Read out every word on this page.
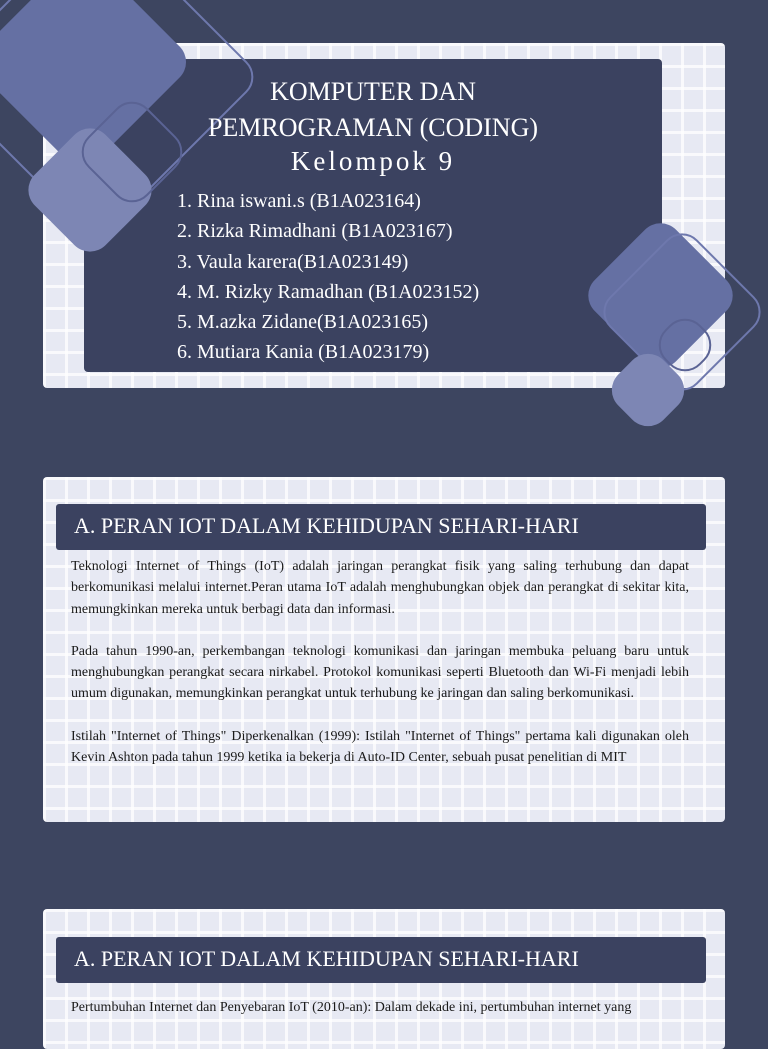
KOMPUTER DAN
PEMROGRAMAN (CODING)
Kelompok 9
1. Rina iswani.s (B1A023164)
2. Rizka Rimadhani (B1A023167)
3. Vaula karera(B1A023149)
4. M. Rizky Ramadhan (B1A023152)
5. M.azka Zidane(B1A023165)
6. Mutiara Kania (B1A023179)
A. PERAN IOT DALAM KEHIDUPAN SEHARI-HARI

Teknologi Internet of Things (IoT) adalah jaringan perangkat fisik yang saling terhubung dan dapat berkomunikasi melalui internet.Peran utama IoT adalah menghubungkan objek dan perangkat di sekitar kita, memungkinkan mereka untuk berbagi data dan informasi.

Pada tahun 1990-an, perkembangan teknologi komunikasi dan jaringan membuka peluang baru untuk menghubungkan perangkat secara nirkabel. Protokol komunikasi seperti Bluetooth dan Wi-Fi menjadi lebih umum digunakan, memungkinkan perangkat untuk terhubung ke jaringan dan saling berkomunikasi.

Istilah "Internet of Things" Diperkenalkan (1999): Istilah "Internet of Things" pertama kali digunakan oleh Kevin Ashton pada tahun 1999 ketika ia bekerja di Auto-ID Center, sebuah pusat penelitian di MIT

A. PERAN IOT DALAM KEHIDUPAN SEHARI-HARI

Pertumbuhan Internet dan Penyebaran IoT (2010-an): Dalam dekade ini, pertumbuhan internet yang
